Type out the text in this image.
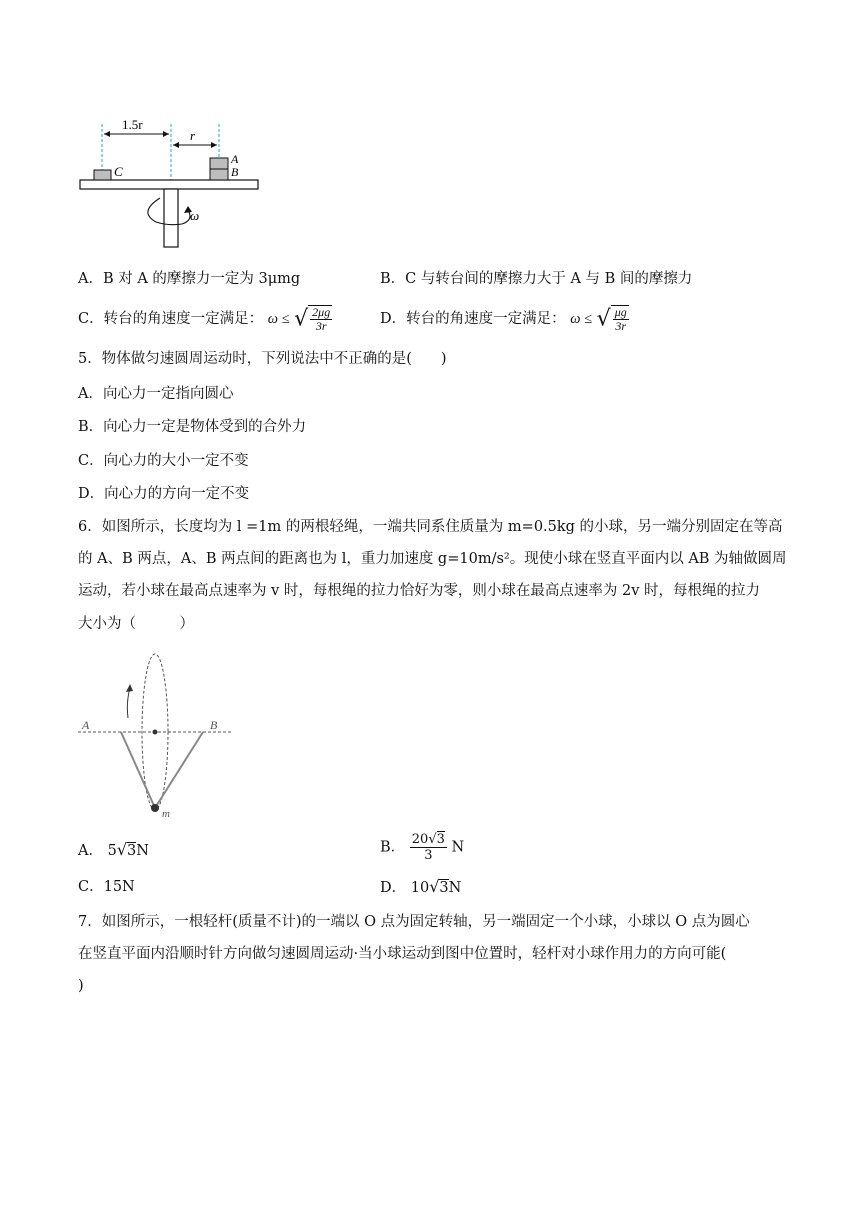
1.5r
r
C
A
B
ω
A．B 对 A 的摩擦力一定为 3μmg	B．C 与转台间的摩擦力大于 A 与 B 间的摩擦力
C．转台的角速度一定满足： ω ≤ √ $\frac{2\mu g}{3r}$	D．转台的角速度一定满足： ω ≤ √ $\frac{\mu g}{3r}$
5．物体做匀速圆周运动时，下列说法中不正确的是(　　)
A．向心力一定指向圆心
B．向心力一定是物体受到的合外力
C．向心力的大小一定不变
D．向心力的方向一定不变
6．如图所示，长度均为 l =1m 的两根轻绳，一端共同系住质量为 m=0.5kg 的小球，另一端分别固定在等高
的 A、B 两点，A、B 两点间的距离也为 l，重力加速度 g=10m/s²。现使小球在竖直平面内以 AB 为轴做圆周
运动，若小球在最高点速率为 v 时，每根绳的拉力恰好为零，则小球在最高点速率为 2v 时，每根绳的拉力
大小为（　　　）
A	B
m
A． 5√3N	B． $\frac{20√3}{3}$ N
C．15N	D． 10√3N
7．如图所示，一根轻杆(质量不计)的一端以 O 点为固定转轴，另一端固定一个小球，小球以 O 点为圆心
在竖直平面内沿顺时针方向做匀速圆周运动·当小球运动到图中位置时，轻杆对小球作用力的方向可能(
)
